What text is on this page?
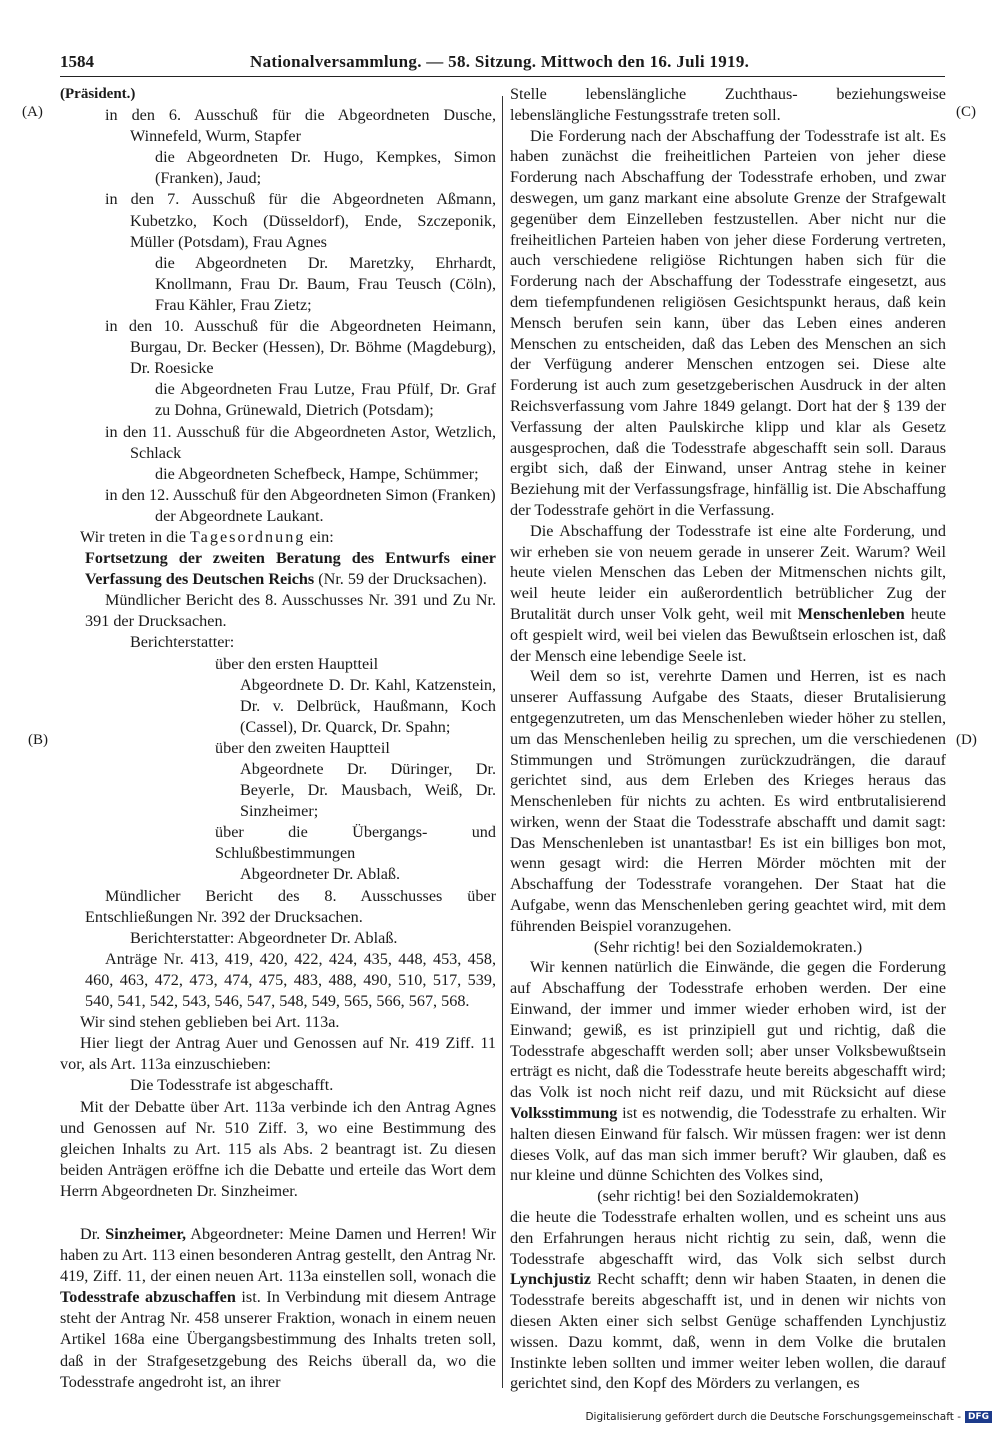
1584	Nationalversammlung. — 58. Sitzung. Mittwoch den 16. Juli 1919.
(A)
(B)
(C)
(D)
(Präsident.)
in den 6. Ausschuß für die Abgeordneten Dusche, Winnefeld, Wurm, Stapfer
die Abgeordneten Dr. Hugo, Kempkes, Simon (Franken), Jaud;
in den 7. Ausschuß für die Abgeordneten Aßmann, Kubetzko, Koch (Düsseldorf), Ende, Szczeponik, Müller (Potsdam), Frau Agnes
die Abgeordneten Dr. Maretzky, Ehrhardt, Knollmann, Frau Dr. Baum, Frau Teusch (Cöln), Frau Kähler, Frau Zietz;
in den 10. Ausschuß für die Abgeordneten Heimann, Burgau, Dr. Becker (Hessen), Dr. Böhme (Magdeburg), Dr. Roesicke
die Abgeordneten Frau Lutze, Frau Pfülf, Dr. Graf zu Dohna, Grünewald, Dietrich (Potsdam);
in den 11. Ausschuß für die Abgeordneten Astor, Wetzlich, Schlack
die Abgeordneten Schefbeck, Hampe, Schümmer;
in den 12. Ausschuß für den Abgeordneten Simon (Franken)
der Abgeordnete Laukant.
Wir treten in die Tagesordnung ein:
Fortsetzung der zweiten Beratung des Entwurfs einer Verfassung des Deutschen Reichs (Nr. 59 der Drucksachen).
Mündlicher Bericht des 8. Ausschusses Nr. 391 und Zu Nr. 391 der Drucksachen.
Berichterstatter:
über den ersten Hauptteil
Abgeordnete D. Dr. Kahl, Katzenstein, Dr. v. Delbrück, Haußmann, Koch (Cassel), Dr. Quarck, Dr. Spahn;
über den zweiten Hauptteil
Abgeordnete Dr. Düringer, Dr. Beyerle, Dr. Mausbach, Weiß, Dr. Sinzheimer;
über die Übergangs- und Schlußbestimmungen
Abgeordneter Dr. Ablaß.
Mündlicher Bericht des 8. Ausschusses über Entschließungen Nr. 392 der Drucksachen.
Berichterstatter: Abgeordneter Dr. Ablaß.
Anträge Nr. 413, 419, 420, 422, 424, 435, 448, 453, 458, 460, 463, 472, 473, 474, 475, 483, 488, 490, 510, 517, 539, 540, 541, 542, 543, 546, 547, 548, 549, 565, 566, 567, 568.
Wir sind stehen geblieben bei Art. 113a.
Hier liegt der Antrag Auer und Genossen auf Nr. 419 Ziff. 11 vor, als Art. 113a einzuschieben:
Die Todesstrafe ist abgeschafft.
Mit der Debatte über Art. 113a verbinde ich den Antrag Agnes und Genossen auf Nr. 510 Ziff. 3, wo eine Bestimmung des gleichen Inhalts zu Art. 115 als Abs. 2 beantragt ist. Zu diesen beiden Anträgen eröffne ich die Debatte und erteile das Wort dem Herrn Abgeordneten Dr. Sinzheimer.
Dr. Sinzheimer, Abgeordneter: Meine Damen und Herren! Wir haben zu Art. 113 einen besonderen Antrag gestellt, den Antrag Nr. 419, Ziff. 11, der einen neuen Art. 113a einstellen soll, wonach die Todesstrafe abzuschaffen ist. In Verbindung mit diesem Antrage steht der Antrag Nr. 458 unserer Fraktion, wonach in einem neuen Artikel 168a eine Übergangsbestimmung des Inhalts treten soll, daß in der Strafgesetzgebung des Reichs überall da, wo die Todesstrafe angedroht ist, an ihrer
Stelle lebenslängliche Zuchthaus- beziehungsweise lebenslängliche Festungsstrafe treten soll.
Die Forderung nach der Abschaffung der Todesstrafe ist alt. Es haben zunächst die freiheitlichen Parteien von jeher diese Forderung nach Abschaffung der Todesstrafe erhoben, und zwar deswegen, um ganz markant eine absolute Grenze der Strafgewalt gegenüber dem Einzelleben festzustellen. Aber nicht nur die freiheitlichen Parteien haben von jeher diese Forderung vertreten, auch verschiedene religiöse Richtungen haben sich für die Forderung nach der Abschaffung der Todesstrafe eingesetzt, aus dem tiefempfundenen religiösen Gesichtspunkt heraus, daß kein Mensch berufen sein kann, über das Leben eines anderen Menschen zu entscheiden, daß das Leben des Menschen an sich der Verfügung anderer Menschen entzogen sei. Diese alte Forderung ist auch zum gesetzgeberischen Ausdruck in der alten Reichsverfassung vom Jahre 1849 gelangt. Dort hat der § 139 der Verfassung der alten Paulskirche klipp und klar als Gesetz ausgesprochen, daß die Todesstrafe abgeschafft sein soll. Daraus ergibt sich, daß der Einwand, unser Antrag stehe in keiner Beziehung mit der Verfassungsfrage, hinfällig ist. Die Abschaffung der Todesstrafe gehört in die Verfassung.
Die Abschaffung der Todesstrafe ist eine alte Forderung, und wir erheben sie von neuem gerade in unserer Zeit. Warum? Weil heute vielen Menschen das Leben der Mitmenschen nichts gilt, weil heute leider ein außerordentlich betrüblicher Zug der Brutalität durch unser Volk geht, weil mit Menschenleben heute oft gespielt wird, weil bei vielen das Bewußtsein erloschen ist, daß der Mensch eine lebendige Seele ist.
Weil dem so ist, verehrte Damen und Herren, ist es nach unserer Auffassung Aufgabe des Staats, dieser Brutalisierung entgegenzutreten, um das Menschenleben wieder höher zu stellen, um das Menschenleben heilig zu sprechen, um die verschiedenen Stimmungen und Strömungen zurückzudrängen, die darauf gerichtet sind, aus dem Erleben des Krieges heraus das Menschenleben für nichts zu achten. Es wird entbrutalisierend wirken, wenn der Staat die Todesstrafe abschafft und damit sagt: Das Menschenleben ist unantastbar! Es ist ein billiges bon mot, wenn gesagt wird: die Herren Mörder möchten mit der Abschaffung der Todesstrafe vorangehen. Der Staat hat die Aufgabe, wenn das Menschenleben gering geachtet wird, mit dem führenden Beispiel voranzugehen.
(Sehr richtig! bei den Sozialdemokraten.)
Wir kennen natürlich die Einwände, die gegen die Forderung auf Abschaffung der Todesstrafe erhoben werden. Der eine Einwand, der immer und immer wieder erhoben wird, ist der Einwand; gewiß, es ist prinzipiell gut und richtig, daß die Todesstrafe abgeschafft werden soll; aber unser Volksbewußtsein erträgt es nicht, daß die Todesstrafe heute bereits abgeschafft wird; das Volk ist noch nicht reif dazu, und mit Rücksicht auf diese Volksstimmung ist es notwendig, die Todesstrafe zu erhalten. Wir halten diesen Einwand für falsch. Wir müssen fragen: wer ist denn dieses Volk, auf das man sich immer beruft? Wir glauben, daß es nur kleine und dünne Schichten des Volkes sind,
(sehr richtig! bei den Sozialdemokraten)
die heute die Todesstrafe erhalten wollen, und es scheint uns aus den Erfahrungen heraus nicht richtig zu sein, daß, wenn die Todesstrafe abgeschafft wird, das Volk sich selbst durch Lynchjustiz Recht schafft; denn wir haben Staaten, in denen die Todesstrafe bereits abgeschafft ist, und in denen wir nichts von diesen Akten einer sich selbst Genüge schaffenden Lynchjustiz wissen. Dazu kommt, daß, wenn in dem Volke die brutalen Instinkte leben sollten und immer weiter leben wollen, die darauf gerichtet sind, den Kopf des Mörders zu verlangen, es
Digitalisierung gefördert durch die Deutsche Forschungsgemeinschaft - DFG
